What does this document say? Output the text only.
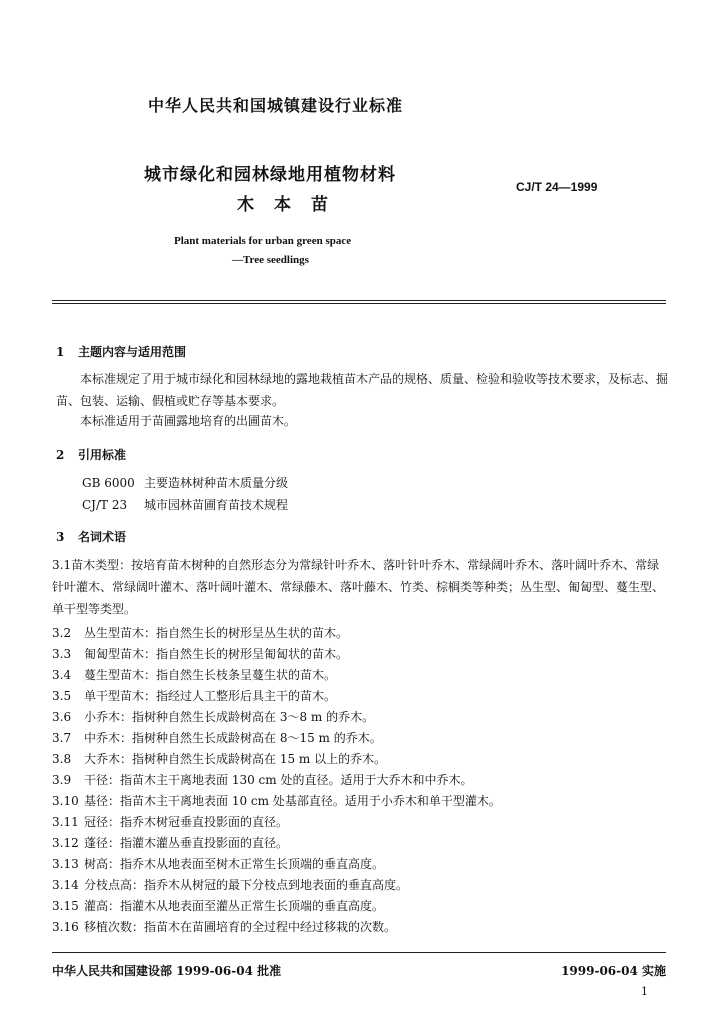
中华人民共和国城镇建设行业标准
城市绿化和园林绿地用植物材料
木本苗
CJ/T 24—1999
Plant materials for urban green space
—Tree seedlings
1 主题内容与适用范围
本标准规定了用于城市绿化和园林绿地的露地栽植苗木产品的规格、质量、检验和验收等技术要求，及标志、掘苗、包装、运输、假植或贮存等基本要求。
本标准适用于苗圃露地培育的出圃苗木。
2 引用标准
GB 6000 主要造林树种苗木质量分级
CJ/T 23 城市园林苗圃育苗技术规程
3 名词术语
3.1苗木类型：按培育苗木树种的自然形态分为常绿针叶乔木、落叶针叶乔木、常绿阔叶乔木、落叶阔叶乔木、常绿针叶灌木、常绿阔叶灌木、落叶阔叶灌木、常绿藤木、落叶藤木、竹类、棕榈类等种类；丛生型、匍匐型、蔓生型、单干型等类型。
3.2 丛生型苗木：指自然生长的树形呈丛生状的苗木。
3.3 匍匐型苗木：指自然生长的树形呈匍匐状的苗木。
3.4 蔓生型苗木：指自然生长枝条呈蔓生状的苗木。
3.5 单干型苗木：指经过人工整形后具主干的苗木。
3.6 小乔木：指树种自然生长成龄树高在 3～8 m 的乔木。
3.7 中乔木：指树种自然生长成龄树高在 8～15 m 的乔木。
3.8 大乔木：指树种自然生长成龄树高在 15 m 以上的乔木。
3.9 干径：指苗木主干离地表面 130 cm 处的直径。适用于大乔木和中乔木。
3.10 基径：指苗木主干离地表面 10 cm 处基部直径。适用于小乔木和单干型灌木。
3.11 冠径：指乔木树冠垂直投影面的直径。
3.12 蓬径：指灌木灌丛垂直投影面的直径。
3.13 树高：指乔木从地表面至树木正常生长顶端的垂直高度。
3.14 分枝点高：指乔木从树冠的最下分枝点到地表面的垂直高度。
3.15 灌高：指灌木从地表面至灌丛正常生长顶端的垂直高度。
3.16 移植次数：指苗木在苗圃培育的全过程中经过移栽的次数。
中华人民共和国建设部 1999-06-04 批准	1999-06-04 实施
1
